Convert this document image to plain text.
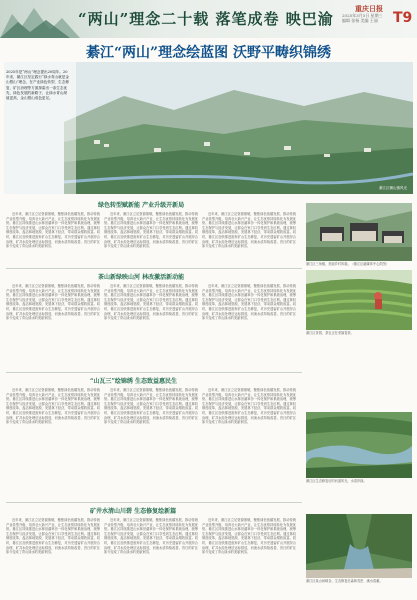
“两山”理念二十载 落笔成卷 映巴渝
重庆日报
2025年3月5日 星期三
编辑 张杨 美编 王丽	T9
綦江“两山”理念绘蓝图 沃野平畴织锦绣
綦江区横山镇风光
2025年是“两山”理念提出20周年。20年来，綦江区坚定践行“绿水青山就是金山银山”理念，在产业绿色转型、生态修复、矿区治理等方面探索出一条生态优先、绿色发展的新路子，让绿水青山颜值更高，金山银山成色更足。
绿色转型赋新能 产业升级开新局

近年来，綦江区立足资源禀赋，聚焦绿色低碳发展，推动传统产业转型升级，培育壮大新兴产业，让生态优势持续转化为发展优势。綦江区持续推进山水林田湖草沙一体化保护和系统治理，统筹生态保护与经济发展，让群众在家门口享受到生态红利。通过林权制度改革，盘活林地资源，发展林下经济，带动群众增收致富。同时，綦江区加快推进废弃矿山生态修复，对历史遗留矿山开展综合治理，矿井水经处理后达标排放，河流水质持续改善，昔日的矿区如今变成了青山绿水的美丽家园。

近年来，綦江区立足资源禀赋，聚焦绿色低碳发展，推动传统产业转型升级，培育壮大新兴产业，让生态优势持续转化为发展优势。綦江区持续推进山水林田湖草沙一体化保护和系统治理，统筹生态保护与经济发展，让群众在家门口享受到生态红利。通过林权制度改革，盘活林地资源，发展林下经济，带动群众增收致富。同时，綦江区加快推进废弃矿山生态修复，对历史遗留矿山开展综合治理，矿井水经处理后达标排放，河流水质持续改善，昔日的矿区如今变成了青山绿水的美丽家园。

近年来，綦江区立足资源禀赋，聚焦绿色低碳发展，推动传统产业转型升级，培育壮大新兴产业，让生态优势持续转化为发展优势。綦江区持续推进山水林田湖草沙一体化保护和系统治理，统筹生态保护与经济发展，让群众在家门口享受到生态红利。通过林权制度改革，盘活林地资源，发展林下经济，带动群众增收致富。同时，綦江区加快推进废弃矿山生态修复，对历史遗留矿山开展综合治理，矿井水经处理后达标排放，河流水质持续改善，昔日的矿区如今变成了青山绿水的美丽家园。

綦江区三角镇，美丽乡村风貌。（綦江区融媒体中心供图）
茶山新绿映山河 林改激活新动能

近年来，綦江区立足资源禀赋，聚焦绿色低碳发展，推动传统产业转型升级，培育壮大新兴产业，让生态优势持续转化为发展优势。綦江区持续推进山水林田湖草沙一体化保护和系统治理，统筹生态保护与经济发展，让群众在家门口享受到生态红利。通过林权制度改革，盘活林地资源，发展林下经济，带动群众增收致富。同时，綦江区加快推进废弃矿山生态修复，对历史遗留矿山开展综合治理，矿井水经处理后达标排放，河流水质持续改善，昔日的矿区如今变成了青山绿水的美丽家园。

近年来，綦江区立足资源禀赋，聚焦绿色低碳发展，推动传统产业转型升级，培育壮大新兴产业，让生态优势持续转化为发展优势。綦江区持续推进山水林田湖草沙一体化保护和系统治理，统筹生态保护与经济发展，让群众在家门口享受到生态红利。通过林权制度改革，盘活林地资源，发展林下经济，带动群众增收致富。同时，綦江区加快推进废弃矿山生态修复，对历史遗留矿山开展综合治理，矿井水经处理后达标排放，河流水质持续改善，昔日的矿区如今变成了青山绿水的美丽家园。

近年来，綦江区立足资源禀赋，聚焦绿色低碳发展，推动传统产业转型升级，培育壮大新兴产业，让生态优势持续转化为发展优势。綦江区持续推进山水林田湖草沙一体化保护和系统治理，统筹生态保护与经济发展，让群众在家门口享受到生态红利。通过林权制度改革，盘活林地资源，发展林下经济，带动群众增收致富。同时，綦江区加快推进废弃矿山生态修复，对历史遗留矿山开展综合治理，矿井水经处理后达标排放，河流水质持续改善，昔日的矿区如今变成了青山绿水的美丽家园。

綦江区茶园，茶农正在采摘春茶。
“山瓦三”绘锦绣 生态致益惠民生

近年来，綦江区立足资源禀赋，聚焦绿色低碳发展，推动传统产业转型升级，培育壮大新兴产业，让生态优势持续转化为发展优势。綦江区持续推进山水林田湖草沙一体化保护和系统治理，统筹生态保护与经济发展，让群众在家门口享受到生态红利。通过林权制度改革，盘活林地资源，发展林下经济，带动群众增收致富。同时，綦江区加快推进废弃矿山生态修复，对历史遗留矿山开展综合治理，矿井水经处理后达标排放，河流水质持续改善，昔日的矿区如今变成了青山绿水的美丽家园。

近年来，綦江区立足资源禀赋，聚焦绿色低碳发展，推动传统产业转型升级，培育壮大新兴产业，让生态优势持续转化为发展优势。綦江区持续推进山水林田湖草沙一体化保护和系统治理，统筹生态保护与经济发展，让群众在家门口享受到生态红利。通过林权制度改革，盘活林地资源，发展林下经济，带动群众增收致富。同时，綦江区加快推进废弃矿山生态修复，对历史遗留矿山开展综合治理，矿井水经处理后达标排放，河流水质持续改善，昔日的矿区如今变成了青山绿水的美丽家园。

近年来，綦江区立足资源禀赋，聚焦绿色低碳发展，推动传统产业转型升级，培育壮大新兴产业，让生态优势持续转化为发展优势。綦江区持续推进山水林田湖草沙一体化保护和系统治理，统筹生态保护与经济发展，让群众在家门口享受到生态红利。通过林权制度改革，盘活林地资源，发展林下经济，带动群众增收致富。同时，綦江区加快推进废弃矿山生态修复，对历史遗留矿山开展综合治理，矿井水经处理后达标排放，河流水质持续改善，昔日的矿区如今变成了青山绿水的美丽家园。

綦江区生态修复后的河道风光，水清岸绿。
矿井水清山川碧 生态修复绘新篇

近年来，綦江区立足资源禀赋，聚焦绿色低碳发展，推动传统产业转型升级，培育壮大新兴产业，让生态优势持续转化为发展优势。綦江区持续推进山水林田湖草沙一体化保护和系统治理，统筹生态保护与经济发展，让群众在家门口享受到生态红利。通过林权制度改革，盘活林地资源，发展林下经济，带动群众增收致富。同时，綦江区加快推进废弃矿山生态修复，对历史遗留矿山开展综合治理，矿井水经处理后达标排放，河流水质持续改善，昔日的矿区如今变成了青山绿水的美丽家园。

近年来，綦江区立足资源禀赋，聚焦绿色低碳发展，推动传统产业转型升级，培育壮大新兴产业，让生态优势持续转化为发展优势。綦江区持续推进山水林田湖草沙一体化保护和系统治理，统筹生态保护与经济发展，让群众在家门口享受到生态红利。通过林权制度改革，盘活林地资源，发展林下经济，带动群众增收致富。同时，綦江区加快推进废弃矿山生态修复，对历史遗留矿山开展综合治理，矿井水经处理后达标排放，河流水质持续改善，昔日的矿区如今变成了青山绿水的美丽家园。

近年来，綦江区立足资源禀赋，聚焦绿色低碳发展，推动传统产业转型升级，培育壮大新兴产业，让生态优势持续转化为发展优势。綦江区持续推进山水林田湖草沙一体化保护和系统治理，统筹生态保护与经济发展，让群众在家门口享受到生态红利。通过林权制度改革，盘活林地资源，发展林下经济，带动群众增收致富。同时，綦江区加快推进废弃矿山生态修复，对历史遗留矿山开展综合治理，矿井水经处理后达标排放，河流水质持续改善，昔日的矿区如今变成了青山绿水的美丽家园。

綦江区某山间峡谷，生态修复后森林茂密、溪水清澈。
